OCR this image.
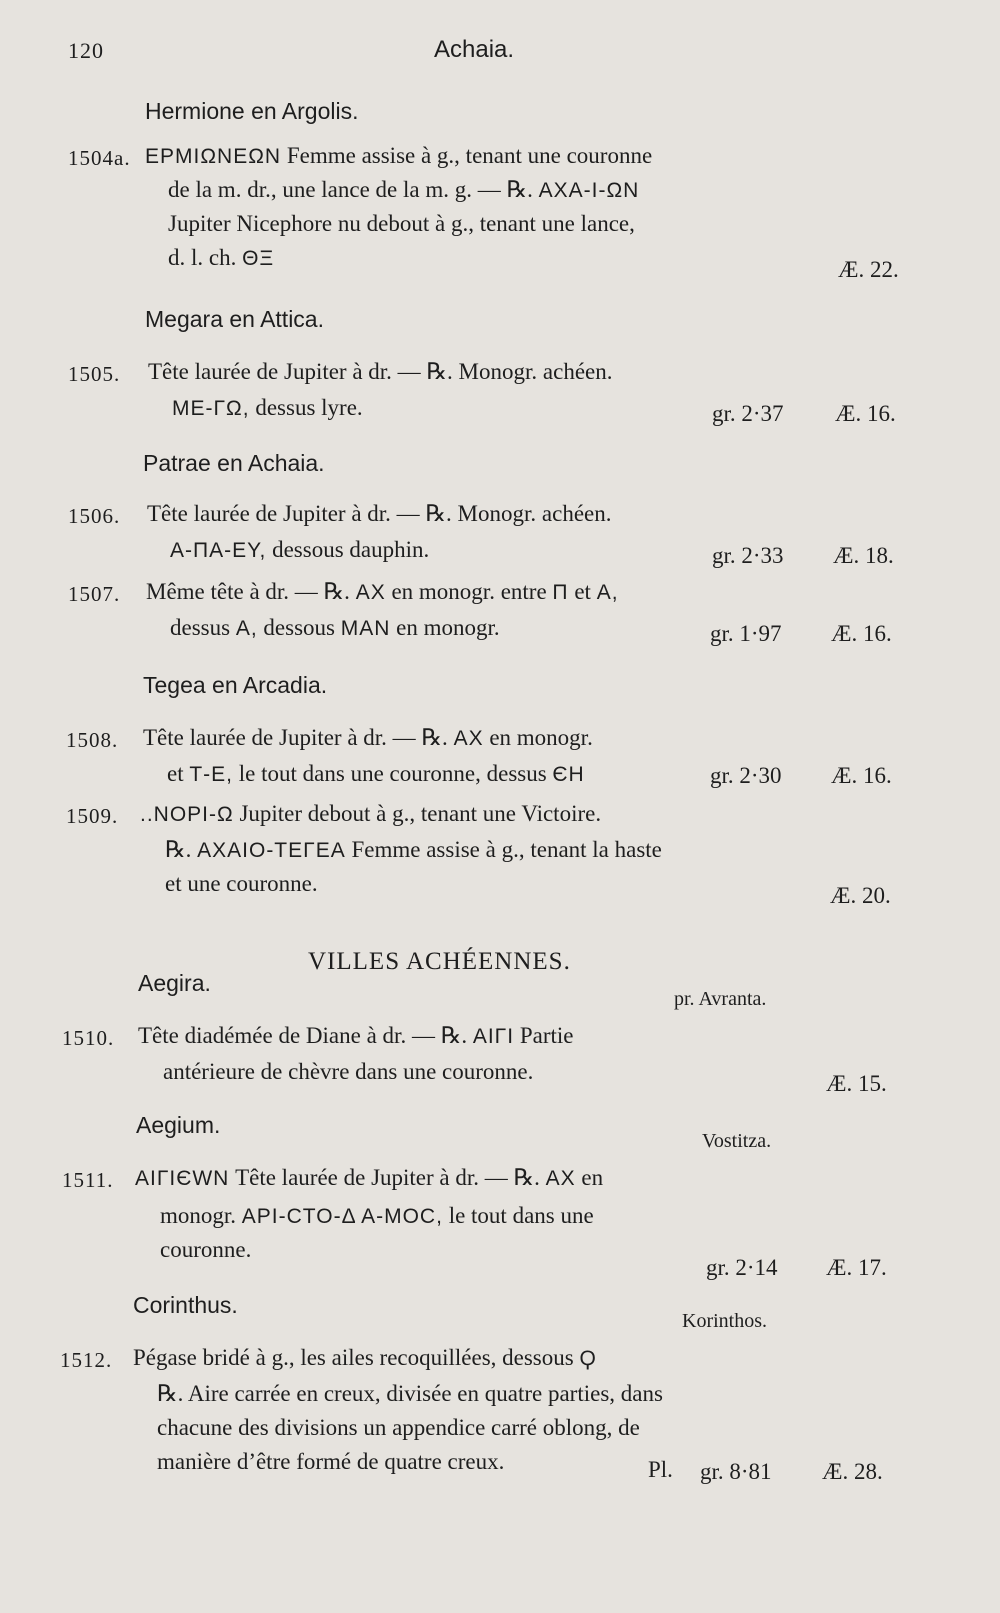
120	Achaia.
Hermione en Argolis.
1504a. ΕΡΜΙΩΝΕΩΝ Femme assise à g., tenant une couronne
de la m. dr., une lance de la m. g. — ℞. ΑΧΑ-Ι-ΩΝ
Jupiter Nicephore nu debout à g., tenant une lance,
d. l. ch. ΘΞ	Æ. 22.
Megara en Attica.
1505. Tête laurée de Jupiter à dr. — ℞. Monogr. achéen.
ΜΕ-ΓΩ, dessus lyre.	gr. 2·37 Æ. 16.
Patrae en Achaia.
1506. Tête laurée de Jupiter à dr. — ℞. Monogr. achéen.
Α-ΠΑ-ΕΥ, dessous dauphin.	gr. 2·33 Æ. 18.
1507. Même tête à dr. — ℞. ΑΧ en monogr. entre Π et Α,
dessus Α, dessous ΜΑΝ en monogr.	gr. 1·97 Æ. 16.
Tegea en Arcadia.
1508. Tête laurée de Jupiter à dr. — ℞. ΑΧ en monogr.
et Τ-Ε, le tout dans une couronne, dessus ЄΗ	gr. 2·30 Æ. 16.
1509. ..ΝΟΡΙ-Ω Jupiter debout à g., tenant une Victoire.
℞. ΑΧΑΙΟ-ΤΕΓΕΑ Femme assise à g., tenant la haste
et une couronne.	Æ. 20.
VILLES ACHÉENNES.
Aegira.
pr. Avranta.
1510. Tête diadémée de Diane à dr. — ℞. ΑΙΓΙ Partie
antérieure de chèvre dans une couronne.	Æ. 15.
Aegium.
Vostitza.
1511. ΑΙΓΙЄWΝ Tête laurée de Jupiter à dr. — ℞. ΑΧ en
monogr. ΑΡΙ-CΤΟ-Δ Α-ΜΟC, le tout dans une
couronne.
gr. 2·14 Æ. 17.
Corinthus.
Korinthos.
1512. Pégase bridé à g., les ailes recoquillées, dessous Ϙ
℞. Aire carrée en creux, divisée en quatre parties, dans
chacune des divisions un appendice carré oblong, de
manière d’être formé de quatre creux.	Pl. gr. 8·81 Æ. 28.
